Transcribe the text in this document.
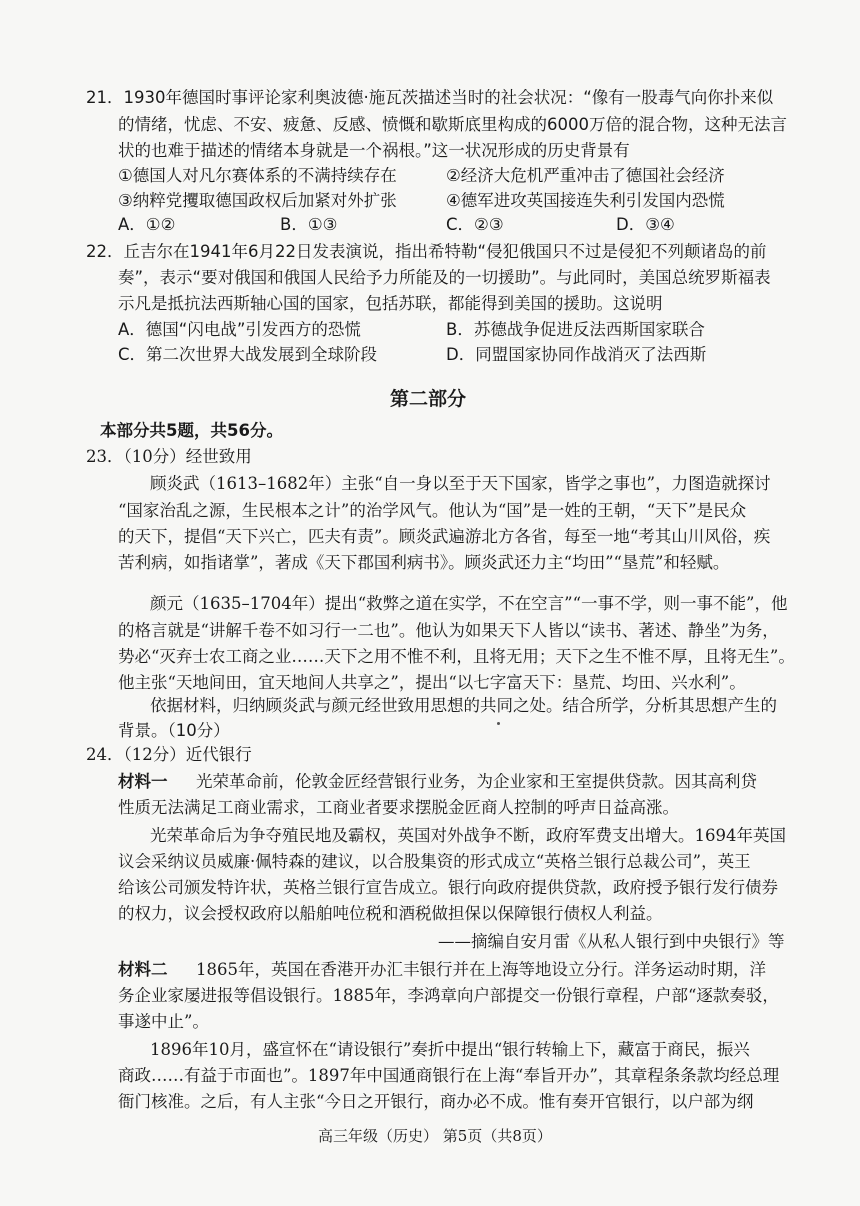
21．1930年德国时事评论家利奥波德·施瓦茨描述当时的社会状况：“像有一股毒气向你扑来似
的情绪，忧虑、不安、疲惫、反感、愤慨和歇斯底里构成的6000万倍的混合物，这种无法言
状的也难于描述的情绪本身就是一个祸根。”这一状况形成的历史背景有
①德国人对凡尔赛体系的不满持续存在	②经济大危机严重冲击了德国社会经济
③纳粹党攫取德国政权后加紧对外扩张	④德军进攻英国接连失利引发国内恐慌
A．①②	B．①③	C．②③	D．③④
22．丘吉尔在1941年6月22日发表演说，指出希特勒“侵犯俄国只不过是侵犯不列颠诸岛的前
奏”，表示“要对俄国和俄国人民给予力所能及的一切援助”。与此同时，美国总统罗斯福表
示凡是抵抗法西斯轴心国的国家，包括苏联，都能得到美国的援助。这说明
A．德国“闪电战”引发西方的恐慌	B．苏德战争促进反法西斯国家联合
C．第二次世界大战发展到全球阶段	D．同盟国家协同作战消灭了法西斯
第二部分
本部分共5题，共56分。
23．（10分）经世致用
顾炎武（1613–1682年）主张“自一身以至于天下国家，皆学之事也”，力图造就探讨
“国家治乱之源，生民根本之计”的治学风气。他认为“国”是一姓的王朝，“天下”是民众
的天下，提倡“天下兴亡，匹夫有责”。顾炎武遍游北方各省，每至一地“考其山川风俗，疾
苦利病，如指诸掌”，著成《天下郡国利病书》。顾炎武还力主“均田”“垦荒”和轻赋。
颜元（1635–1704年）提出“救弊之道在实学，不在空言”“一事不学，则一事不能”，他
的格言就是“讲解千卷不如习行一二也”。他认为如果天下人皆以“读书、著述、静坐”为务，
势必“灭弃士农工商之业……天下之用不惟不利，且将无用；天下之生不惟不厚，且将无生”。
他主张“天地间田，宜天地间人共享之”，提出“以七字富天下：垦荒、均田、兴水利”。
依据材料，归纳顾炎武与颜元经世致用思想的共同之处。结合所学，分析其思想产生的
背景。（10分）
24．（12分）近代银行
材料一 光荣革命前，伦敦金匠经营银行业务，为企业家和王室提供贷款。因其高利贷
性质无法满足工商业需求，工商业者要求摆脱金匠商人控制的呼声日益高涨。
光荣革命后为争夺殖民地及霸权，英国对外战争不断，政府军费支出增大。1694年英国
议会采纳议员威廉·佩特森的建议，以合股集资的形式成立“英格兰银行总裁公司”，英王
给该公司颁发特许状，英格兰银行宣告成立。银行向政府提供贷款，政府授予银行发行债券
的权力，议会授权政府以船舶吨位税和酒税做担保以保障银行债权人利益。
——摘编自安月雷《从私人银行到中央银行》等
材料二 1865年，英国在香港开办汇丰银行并在上海等地设立分行。洋务运动时期，洋
务企业家屡进报等倡设银行。1885年，李鸿章向户部提交一份银行章程，户部“逐款奏驳，
事遂中止”。
1896年10月，盛宣怀在“请设银行”奏折中提出“银行转输上下，藏富于商民，振兴
商政……有益于市面也”。1897年中国通商银行在上海“奉旨开办”，其章程条条款均经总理
衙门核准。之后，有人主张“今日之开银行，商办必不成。惟有奏开官银行，以户部为纲
高三年级（历史） 第5页（共8页）
